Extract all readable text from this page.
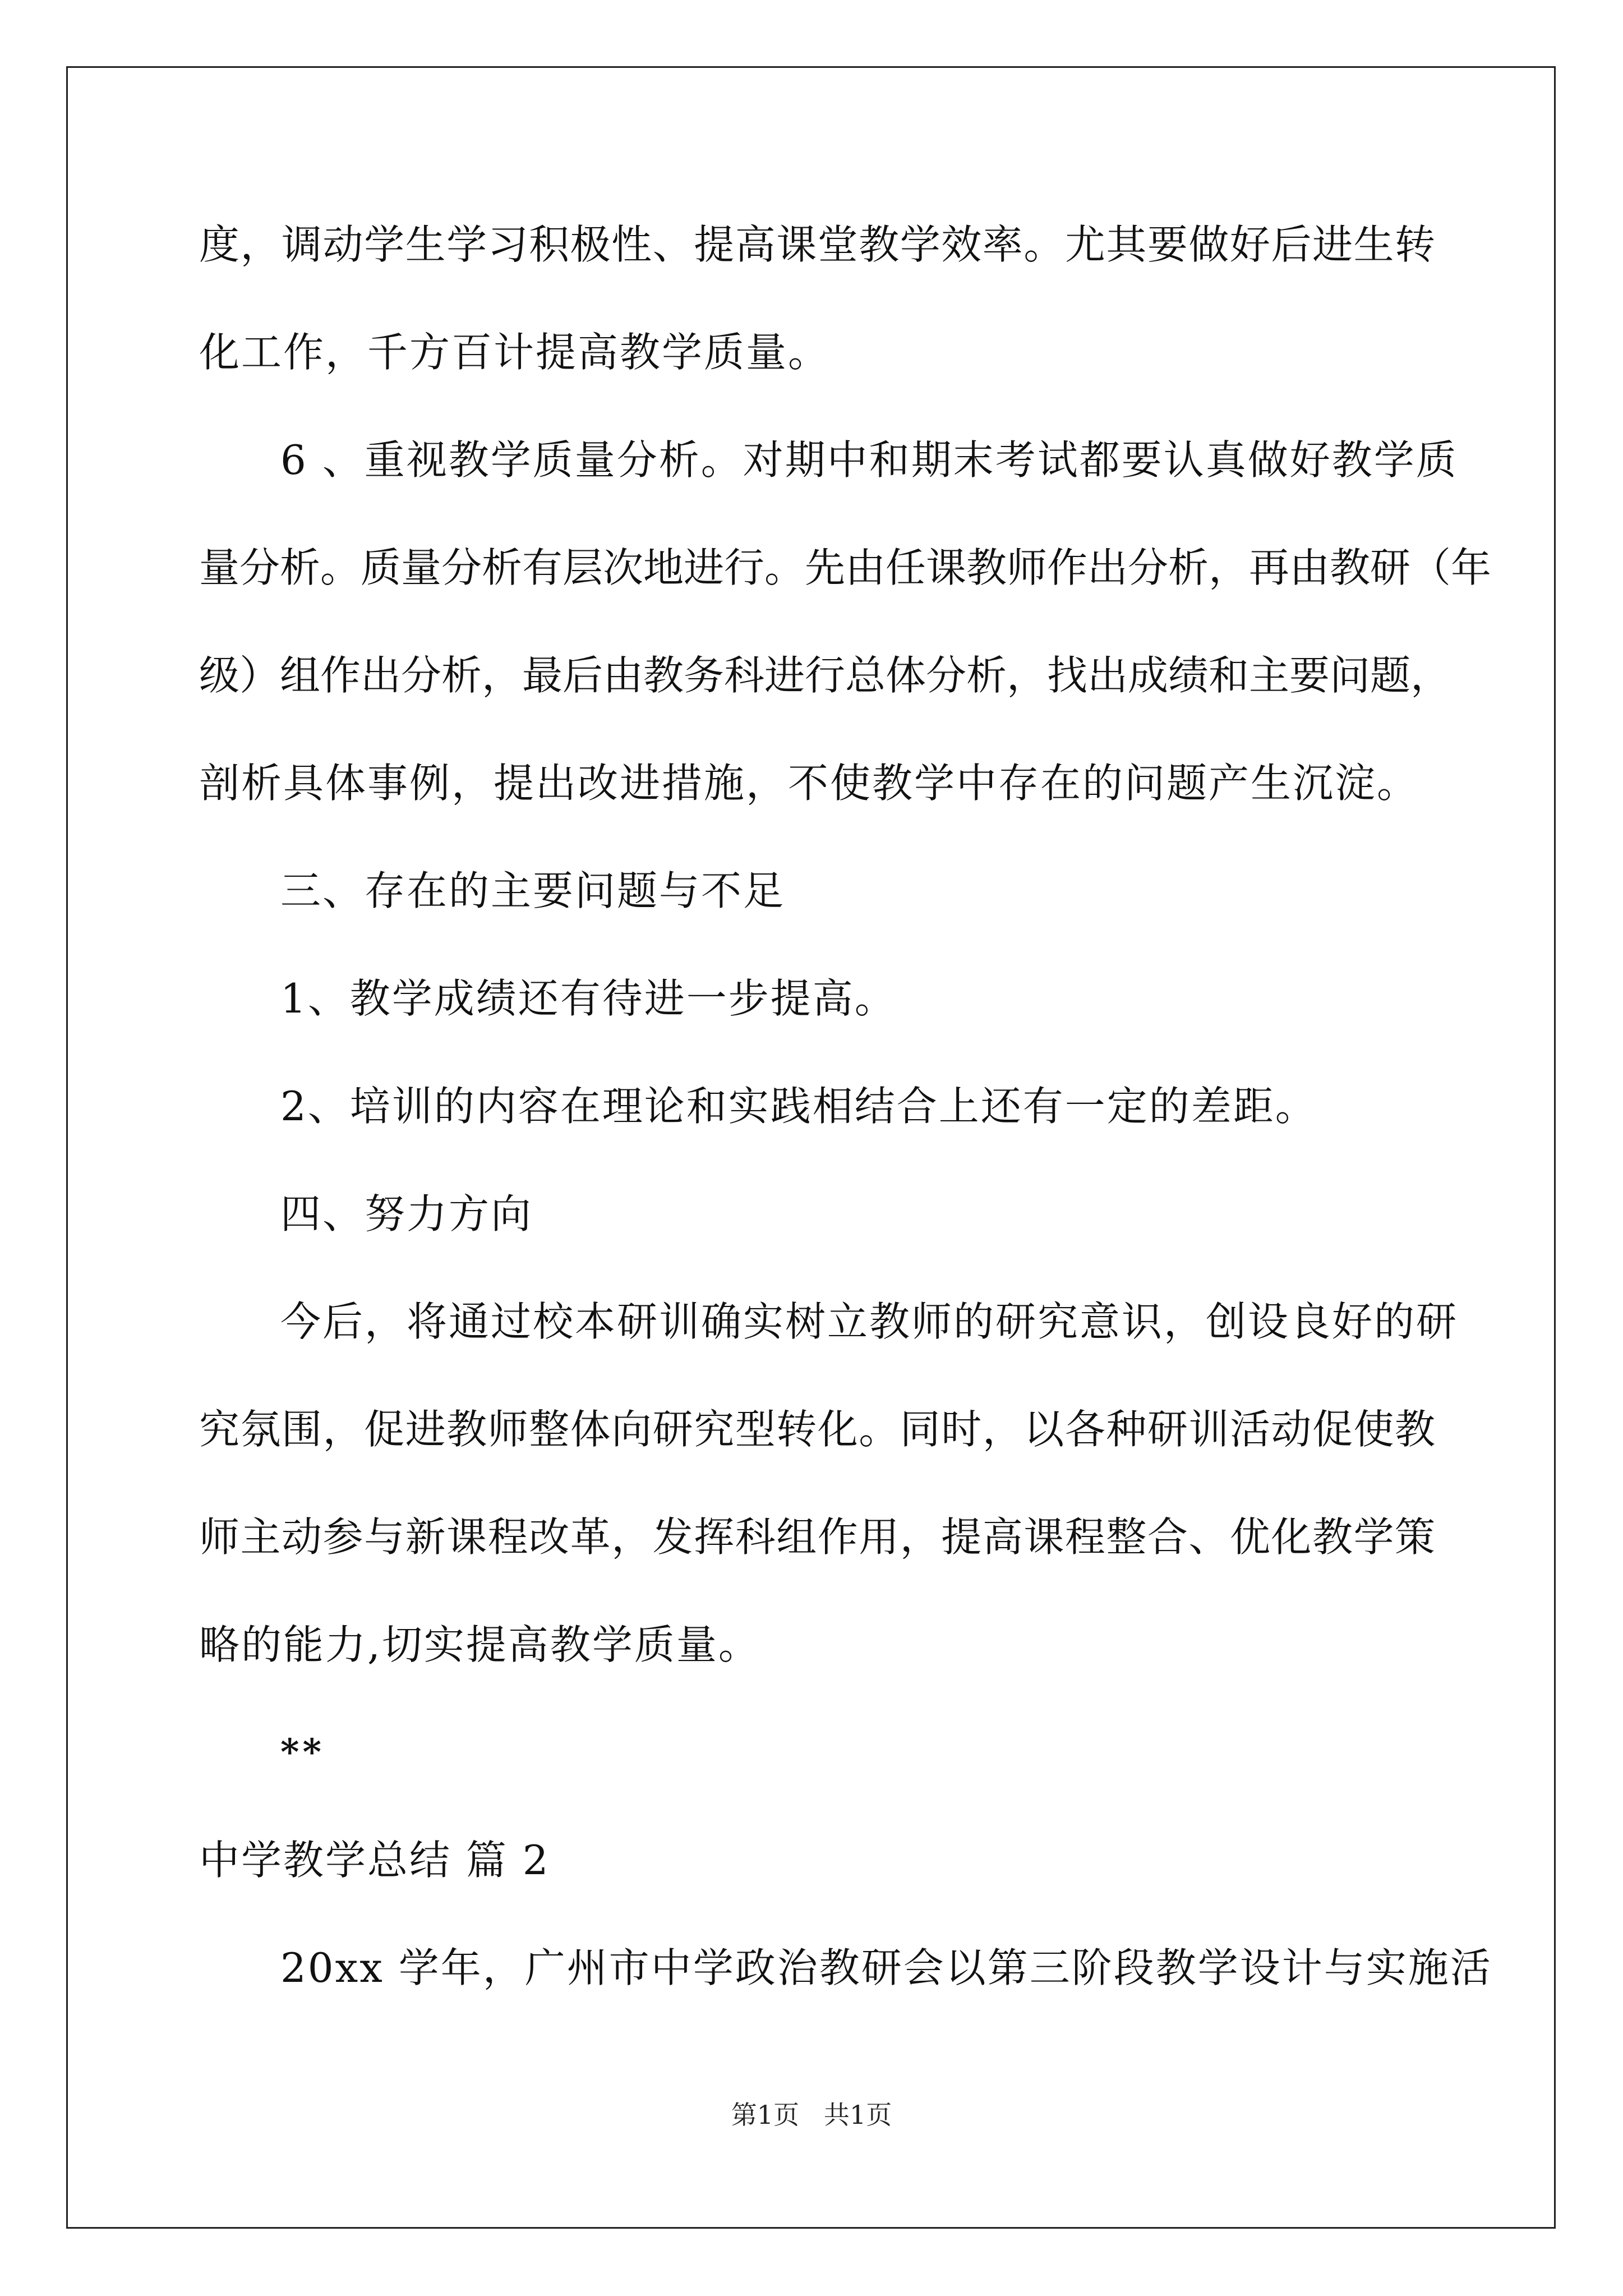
度，调动学生学习积极性、提高课堂教学效率。尤其要做好后进生转
化工作，千方百计提高教学质量。
6 、重视教学质量分析。对期中和期末考试都要认真做好教学质
量分析。质量分析有层次地进行。先由任课教师作出分析，再由教研（年
级）组作出分析，最后由教务科进行总体分析，找出成绩和主要问题，
剖析具体事例，提出改进措施，不使教学中存在的问题产生沉淀。
三、存在的主要问题与不足
1、教学成绩还有待进一步提高。
2、培训的内容在理论和实践相结合上还有一定的差距。
四、努力方向
今后，将通过校本研训确实树立教师的研究意识，创设良好的研
究氛围，促进教师整体向研究型转化。同时，以各种研训活动促使教
师主动参与新课程改革，发挥科组作用，提高课程整合、优化教学策
略的能力,切实提高教学质量。
**
中学教学总结 篇 2
20xx 学年，广州市中学政治教研会以第三阶段教学设计与实施活
第1页   共1页
